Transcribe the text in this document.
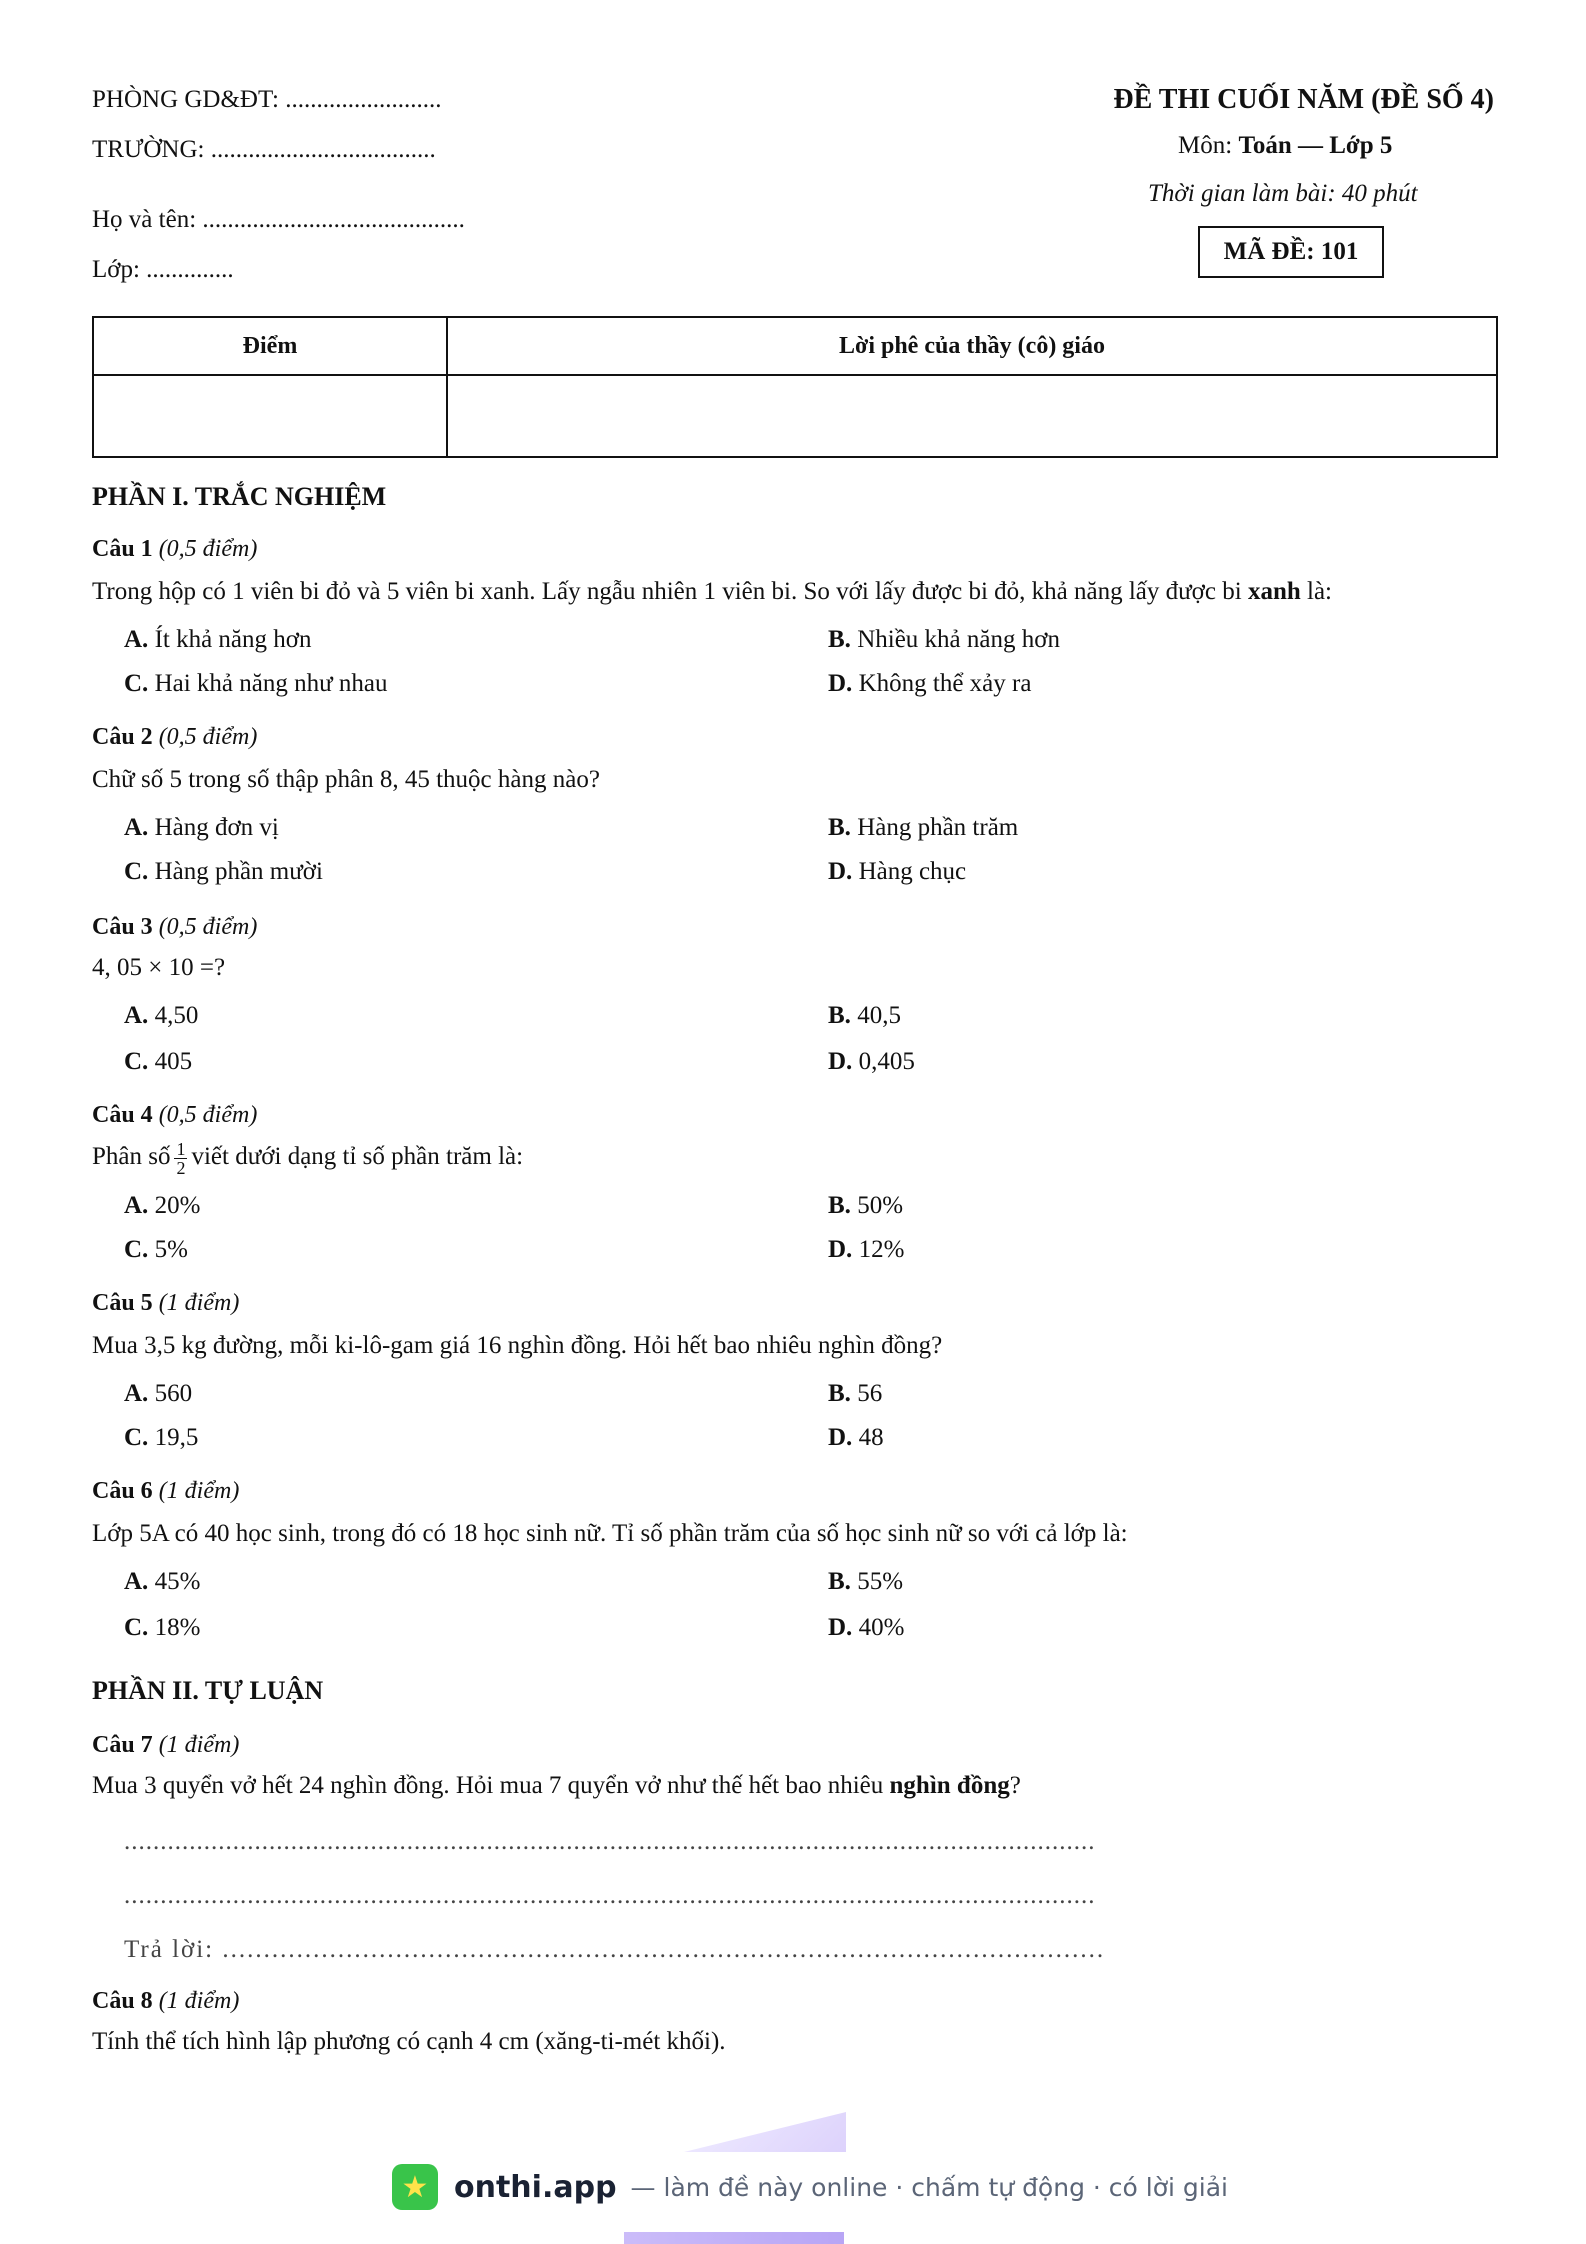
PHÒNG GD&ĐT: .........................
TRƯỜNG: ....................................
Họ và tên: ..........................................
Lớp: ..............
ĐỀ THI CUỐI NĂM (ĐỀ SỐ 4)
Môn: Toán — Lớp 5
Thời gian làm bài: 40 phút
MÃ ĐỀ: 101
Điểm	Lời phê của thầy (cô) giáo

PHẦN I. TRẮC NGHIỆM
Câu 1 (0,5 điểm)
Trong hộp có 1 viên bi đỏ và 5 viên bi xanh. Lấy ngẫu nhiên 1 viên bi. So với lấy được bi đỏ, khả năng lấy được bi xanh là:
A. Ít khả năng hơn	B. Nhiều khả năng hơn
C. Hai khả năng như nhau	D. Không thể xảy ra
Câu 2 (0,5 điểm)
Chữ số 5 trong số thập phân 8, 45 thuộc hàng nào?
A. Hàng đơn vị	B. Hàng phần trăm
C. Hàng phần mười	D. Hàng chục
Câu 3 (0,5 điểm)
4, 05 × 10 =?
A. 4,50	B. 40,5
C. 405	D. 0,405
Câu 4 (0,5 điểm)
Phân số $\frac{1}{2}$ viết dưới dạng tỉ số phần trăm là:
A. 20%	B. 50%
C. 5%	D. 12%
Câu 5 (1 điểm)
Mua 3,5 kg đường, mỗi ki-lô-gam giá 16 nghìn đồng. Hỏi hết bao nhiêu nghìn đồng?
A. 560	B. 56
C. 19,5	D. 48
Câu 6 (1 điểm)
Lớp 5A có 40 học sinh, trong đó có 18 học sinh nữ. Tỉ số phần trăm của số học sinh nữ so với cả lớp là:
A. 45%	B. 55%
C. 18%	D. 40%
PHẦN II. TỰ LUẬN
Câu 7 (1 điểm)
Mua 3 quyển vở hết 24 nghìn đồng. Hỏi mua 7 quyển vở như thế hết bao nhiêu nghìn đồng?
......................................................................................................................................
......................................................................................................................................
Trả lời: ...........................................................................................................
Câu 8 (1 điểm)
Tính thể tích hình lập phương có cạnh 4 cm (xăng-ti-mét khối).
★ onthi.app — làm đề này online · chấm tự động · có lời giải
